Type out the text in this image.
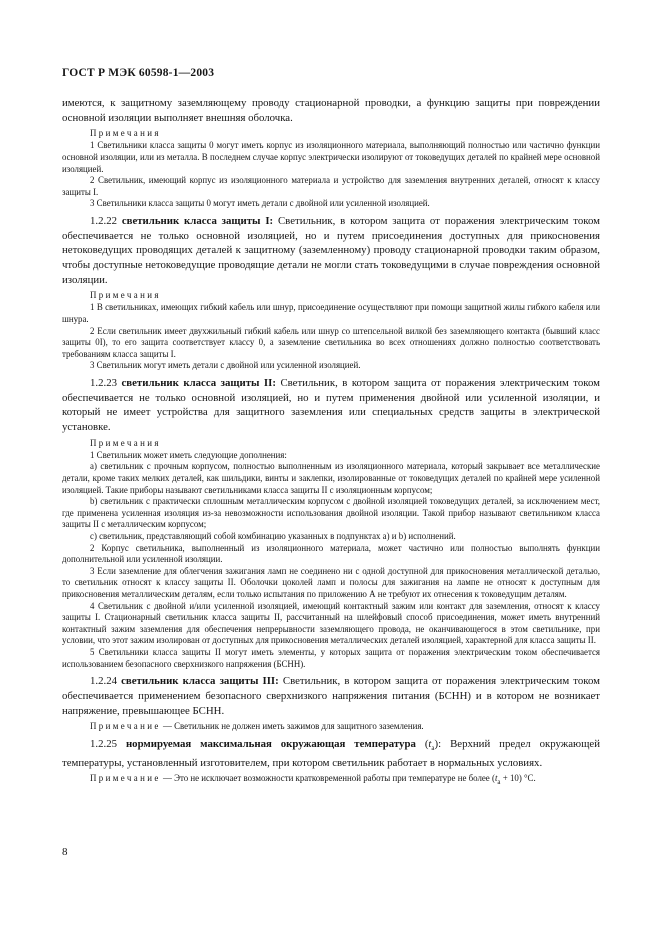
ГОСТ Р МЭК 60598-1—2003

имеются, к защитному заземляющему проводу стационарной проводки, а функцию защиты при повреждении основной изоляции выполняет внешняя оболочка.

Примечания

1 Светильники класса защиты 0 могут иметь корпус из изоляционного материала, выполняющий полностью или частично функции основной изоляции, или из металла. В последнем случае корпус электрически изолируют от токоведущих деталей по крайней мере основной изоляцией.

2 Светильник, имеющий корпус из изоляционного материала и устройство для заземления внутренних деталей, относят к классу защиты I.

3 Светильники класса защиты 0 могут иметь детали с двойной или усиленной изоляцией.

1.2.22 светильник класса защиты I: Светильник, в котором защита от поражения электрическим током обеспечивается не только основной изоляцией, но и путем присоединения доступных для прикосновения нетоковедущих проводящих деталей к защитному (заземленному) проводу стационарной проводки таким образом, чтобы доступные нетоковедущие проводящие детали не могли стать токоведущими в случае повреждения основной изоляции.

Примечания

1 В светильниках, имеющих гибкий кабель или шнур, присоединение осуществляют при помощи защитной жилы гибкого кабеля или шнура.

2 Если светильник имеет двухжильный гибкий кабель или шнур со штепсельной вилкой без заземляющего контакта (бывший класс защиты 0I), то его защита соответствует классу 0, а заземление светильника во всех отношениях должно полностью соответствовать требованиям класса защиты I.

3 Светильник могут иметь детали с двойной или усиленной изоляцией.

1.2.23 светильник класса защиты II: Светильник, в котором защита от поражения электрическим током обеспечивается не только основной изоляцией, но и путем применения двойной или усиленной изоляции, и который не имеет устройства для защитного заземления или специальных средств защиты в электрической установке.

Примечания

1 Светильник может иметь следующие дополнения:

а) светильник с прочным корпусом, полностью выполненным из изоляционного материала, который закрывает все металлические детали, кроме таких мелких деталей, как шильдики, винты и заклепки, изолированные от токоведущих деталей по крайней мере усиленной изоляцией. Такие приборы называют светильниками класса защиты II с изоляционным корпусом;

b) светильник с практически сплошным металлическим корпусом с двойной изоляцией токоведущих деталей, за исключением мест, где применена усиленная изоляция из-за невозможности использования двойной изоляции. Такой прибор называют светильником класса защиты II с металлическим корпусом;

с) светильник, представляющий собой комбинацию указанных в подпунктах а) и b) исполнений.

2 Корпус светильника, выполненный из изоляционного материала, может частично или полностью выполнять функции дополнительной или усиленной изоляции.

3 Если заземление для облегчения зажигания ламп не соединено ни с одной доступной для прикосновения металлической деталью, то светильник относят к классу защиты II. Оболочки цоколей ламп и полосы для зажигания на лампе не относят к доступным для прикосновения металлическим деталям, если только испытания по приложению А не требуют их отнесения к токоведущим деталям.

4 Светильник с двойной и/или усиленной изоляцией, имеющий контактный зажим или контакт для заземления, относят к классу защиты I. Стационарный светильник класса защиты II, рассчитанный на шлейфовый способ присоединения, может иметь внутренний контактный зажим заземления для обеспечения непрерывности заземляющего провода, не оканчивающегося в этом светильнике, при условии, что этот зажим изолирован от доступных для прикосновения металлических деталей изоляцией, характерной для класса защиты II.

5 Светильники класса защиты II могут иметь элементы, у которых защита от поражения электрическим током обеспечивается использованием безопасного сверхнизкого напряжения (БСНН).

1.2.24 светильник класса защиты III: Светильник, в котором защита от поражения электрическим током обеспечивается применением безопасного сверхнизкого напряжения питания (БСНН) и в котором не возникает напряжение, превышающее БСНН.

Примечание — Светильник не должен иметь зажимов для защитного заземления.

1.2.25 нормируемая максимальная окружающая температура $(t_a)$: Верхний предел окружающей температуры, установленный изготовителем, при котором светильник работает в нормальных условиях.

Примечание — Это не исключает возможности кратковременной работы при температуре не более $(t_a + 10)$ °С.

8
